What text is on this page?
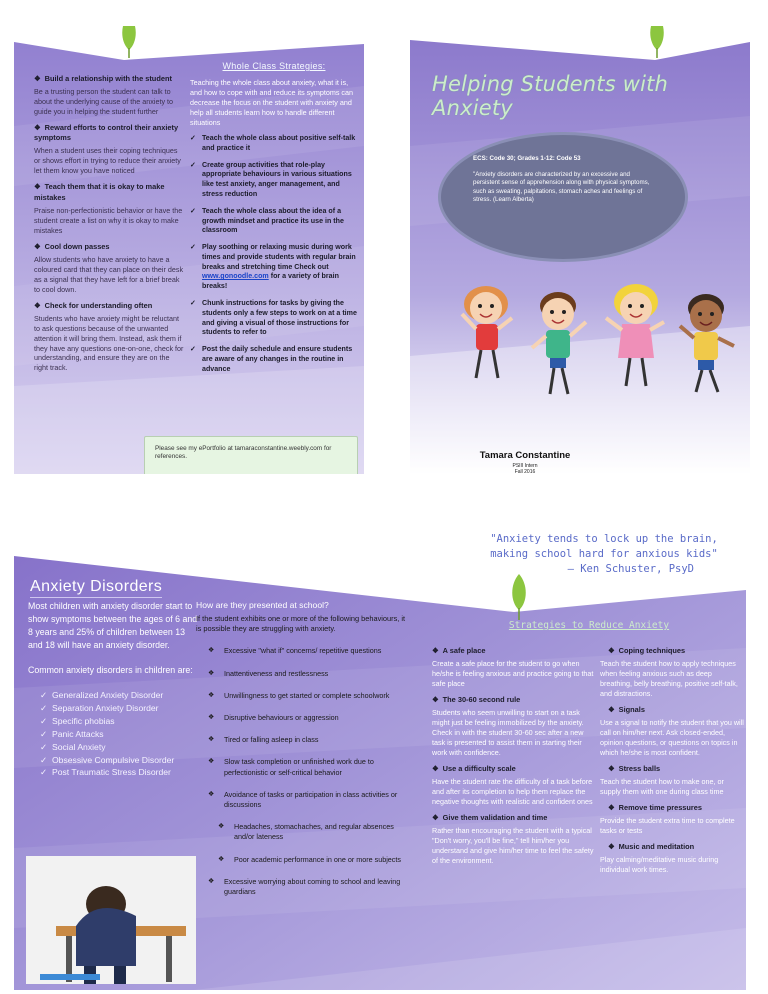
❖ Build a relationship with the student
Be a trusting person the student can talk to about the underlying cause of the anxiety to guide you in helping the student further
❖ Reward efforts to control their anxiety symptoms
When a student uses their coping techniques or shows effort in trying to reduce their anxiety let them know you have noticed
❖ Teach them that it is okay to make mistakes
Praise non-perfectionistic behavior or have the student create a list on why it is okay to make mistakes
❖ Cool down passes
Allow students who have anxiety to have a coloured card that they can place on their desk as a signal that they have left for a brief break to cool down.
❖ Check for understanding often
Students who have anxiety might be reluctant to ask questions because of the unwanted attention it will bring them. Instead, ask them if they have any questions one-on-one, check for understanding, and ensure they are on the right track.
Whole Class Strategies:
Teaching the whole class about anxiety, what it is, and how to cope with and reduce its symptoms can decrease the focus on the student with anxiety and help all students learn how to handle different situations
✓ Teach the whole class about positive self-talk and practice it
✓ Create group activities that role-play appropriate behaviours in various situations like test anxiety, anger management, and stress reduction
✓ Teach the whole class about the idea of a growth mindset and practice its use in the classroom
✓ Play soothing or relaxing music during work times and provide students with regular brain breaks and stretching time Check out www.gonoodle.com for a variety of brain breaks!
✓ Chunk instructions for tasks by giving the students only a few steps to work on at a time and giving a visual of those instructions for students to refer to
✓ Post the daily schedule and ensure students are aware of any changes in the routine in advance
Please see my ePortfolio at tamaraconstantine.weebly.com for references.
Helping Students with Anxiety
ECS: Code 30; Grades 1-12: Code 53
"Anxiety disorders are characterized by an excessive and persistent sense of apprehension along with physical symptoms, such as sweating, palpitations, stomach aches and feelings of stress. (Learn Alberta)
Tamara Constantine
PSIII Intern
Fall 2016
"Anxiety tends to lock up the brain, making school hard for anxious kids"
– Ken Schuster, PsyD
Anxiety Disorders
Most children with anxiety disorder start to show symptoms between the ages of 6 and 8 years and 25% of children between 13 and 18 will have an anxiety disorder.
Common anxiety disorders in children are:
✓ Generalized Anxiety Disorder
✓ Separation Anxiety Disorder
✓ Specific phobias
✓ Panic Attacks
✓ Social Anxiety
✓ Obsessive Compulsive Disorder
✓ Post Traumatic Stress Disorder
How are they presented at school?
If the student exhibits one or more of the following behaviours, it is possible they are struggling with anxiety.
❖ Excessive "what if" concerns/ repetitive questions
❖ Inattentiveness and restlessness
❖ Unwillingness to get started or complete schoolwork
❖ Disruptive behaviours or aggression
❖ Tired or falling asleep in class
❖ Slow task completion or unfinished work due to perfectionistic or self-critical behavior
❖ Avoidance of tasks or participation in class activities or discussions
❖ Headaches, stomachaches, and regular absences and/or lateness
❖ Poor academic performance in one or more subjects
❖ Excessive worrying about coming to school and leaving guardians
Strategies to Reduce Anxiety
❖ A safe place
Create a safe place for the student to go when he/she is feeling anxious and practice going to that safe place
❖ The 30-60 second rule
Students who seem unwilling to start on a task might just be feeling immobilized by the anxiety. Check in with the student 30-60 sec after a new task is presented to assist them in starting their work with confidence.
❖ Use a difficulty scale
Have the student rate the difficulty of a task before and after its completion to help them replace the negative thoughts with realistic and confident ones
❖ Give them validation and time
Rather than encouraging the student with a typical "Don't worry, you'll be fine," tell him/her you understand and give him/her time to feel the safety of the environment.
❖ Coping techniques
Teach the student how to apply techniques when feeling anxious such as deep breathing, belly breathing, positive self-talk, and distractions.
❖ Signals
Use a signal to notify the student that you will call on him/her next. Ask closed-ended, opinion questions, or questions on topics in which he/she is most confident.
❖ Stress balls
Teach the student how to make one, or supply them with one during class time
❖ Remove time pressures
Provide the student extra time to complete tasks or tests
❖ Music and meditation
Play calming/meditative music during individual work times.
